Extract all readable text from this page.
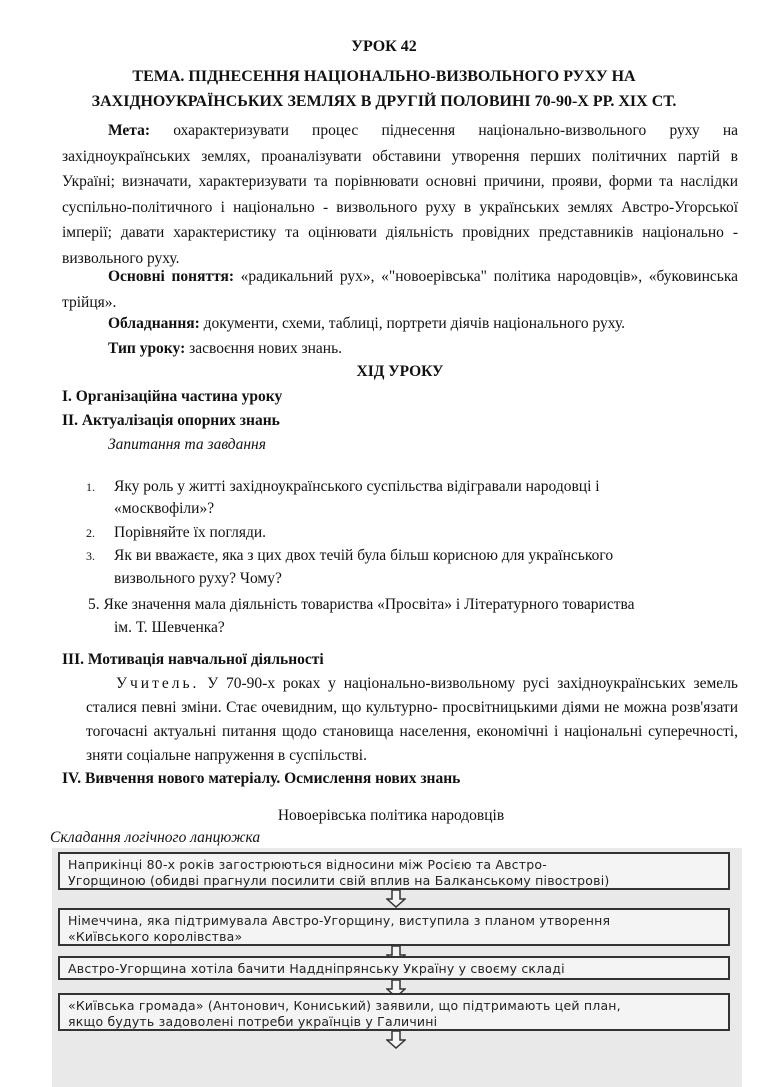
УРОК 42
ТЕМА. ПІДНЕСЕННЯ НАЦІОНАЛЬНО-ВИЗВОЛЬНОГО РУХУ НА
ЗАХІДНОУКРАЇНСЬКИХ ЗЕМЛЯХ В ДРУГІЙ ПОЛОВИНІ 70-90-Х РР. ХІХ СТ.
Мета: охарактеризувати процес піднесення національно-визвольного руху на західноукраїнських землях, проаналізувати обставини утворення перших політичних партій в Україні; визначати, характеризувати та порівнювати основні причини, прояви, форми та наслідки суспільно-політичного і національно - визвольного руху в українських землях Австро-Угорської імперії; давати характеристику та оцінювати діяльність провідних представників національно - визвольного руху.
Основні поняття: «радикальний рух», «"новоерівська" політика народовців», «буковинська трійця».
Обладнання: документи, схеми, таблиці, портрети діячів національного руху.
Тип уроку: засвоєння нових знань.
ХІД УРОКУ
І. Організаційна частина уроку
ІІ. Актуалізація опорних знань
Запитання та завдання
1. Яку роль у житті західноукраїнського суспільства відігравали народовці і
«москвофіли»?
2. Порівняйте їх погляди.
3. Як ви вважаєте, яка з цих двох течій була більш корисною для українського
визвольного руху? Чому?
5. Яке значення мала діяльність товариства «Просвіта» і Літературного товариства
ім. Т. Шевченка?
ІІІ. Мотивація навчальної діяльності
Учитель. У 70-90-х роках у національно-визвольному русі західноукраїнських земель сталися певні зміни. Стає очевидним, що культурно- просвітницькими діями не можна розв'язати тогочасні актуальні питання щодо становища населення, економічні і національні суперечності, зняти соціальне напруження в суспільстві.
IV. Вивчення нового матеріалу. Осмислення нових знань
Новоерівська політика народовців
Складання логічного ланцюжка
Наприкінці 80-х років загострюються відносини між Росією та Австро-
Угорщиною (обидві прагнули посилити свій вплив на Балканському півострові)
Німеччина, яка підтримувала Австро-Угорщину, виступила з планом утворення
«Київського королівства»
Австро-Угорщина хотіла бачити Наддніпрянську Україну у своєму складі
«Київська громада» (Антонович, Кониський) заявили, що підтримають цей план,
якщо будуть задоволені потреби українців у Галичині
